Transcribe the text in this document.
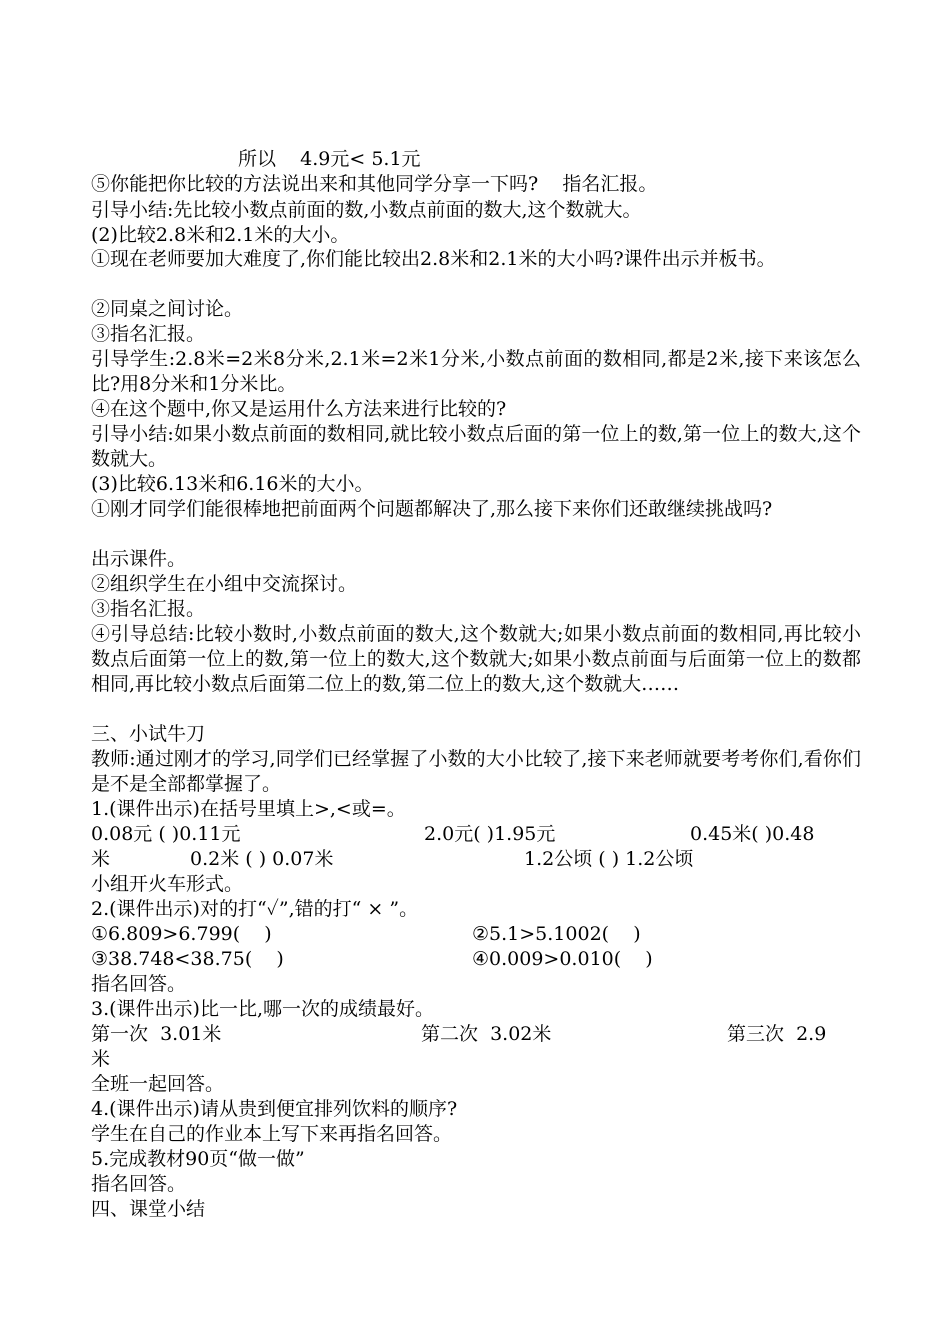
所以    4.9元< 5.1元
⑤你能把你比较的方法说出来和其他同学分享一下吗?    指名汇报。
引导小结:先比较小数点前面的数,小数点前面的数大,这个数就大。
(2)比较2.8米和2.1米的大小。
①现在老师要加大难度了,你们能比较出2.8米和2.1米的大小吗?课件出示并板书。
②同桌之间讨论。
③指名汇报。
引导学生:2.8米=2米8分米,2.1米=2米1分米,小数点前面的数相同,都是2米,接下来该怎么比?用8分米和1分米比。
④在这个题中,你又是运用什么方法来进行比较的?
引导小结:如果小数点前面的数相同,就比较小数点后面的第一位上的数,第一位上的数大,这个数就大。
(3)比较6.13米和6.16米的大小。
①刚才同学们能很棒地把前面两个问题都解决了,那么接下来你们还敢继续挑战吗?
出示课件。
②组织学生在小组中交流探讨。
③指名汇报。
④引导总结:比较小数时,小数点前面的数大,这个数就大;如果小数点前面的数相同,再比较小数点后面第一位上的数,第一位上的数大,这个数就大;如果小数点前面与后面第一位上的数都相同,再比较小数点后面第二位上的数,第二位上的数大,这个数就大……
三、小试牛刀
教师:通过刚才的学习,同学们已经掌握了小数的大小比较了,接下来老师就要考考你们,看你们是不是全部都掌握了。
1.(课件出示)在括号里填上>,<或=。
0.08元 ( )0.11元	2.0元( )1.95元	0.45米( )0.48
米	0.2米 ( ) 0.07米	1.2公顷 ( ) 1.2公顷
小组开火车形式。
2.(课件出示)对的打“✓”,错的打“ × ”。
①6.809>6.799(    )	②5.1>5.1002(    )
③38.748<38.75(    )	④0.009>0.010(    )
指名回答。
3.(课件出示)比一比,哪一次的成绩最好。
第一次  3.01米	第二次  3.02米	第三次  2.9
米
全班一起回答。
4.(课件出示)请从贵到便宜排列饮料的顺序?
学生在自己的作业本上写下来再指名回答。
5.完成教材90页“做一做”
指名回答。
四、课堂小结
